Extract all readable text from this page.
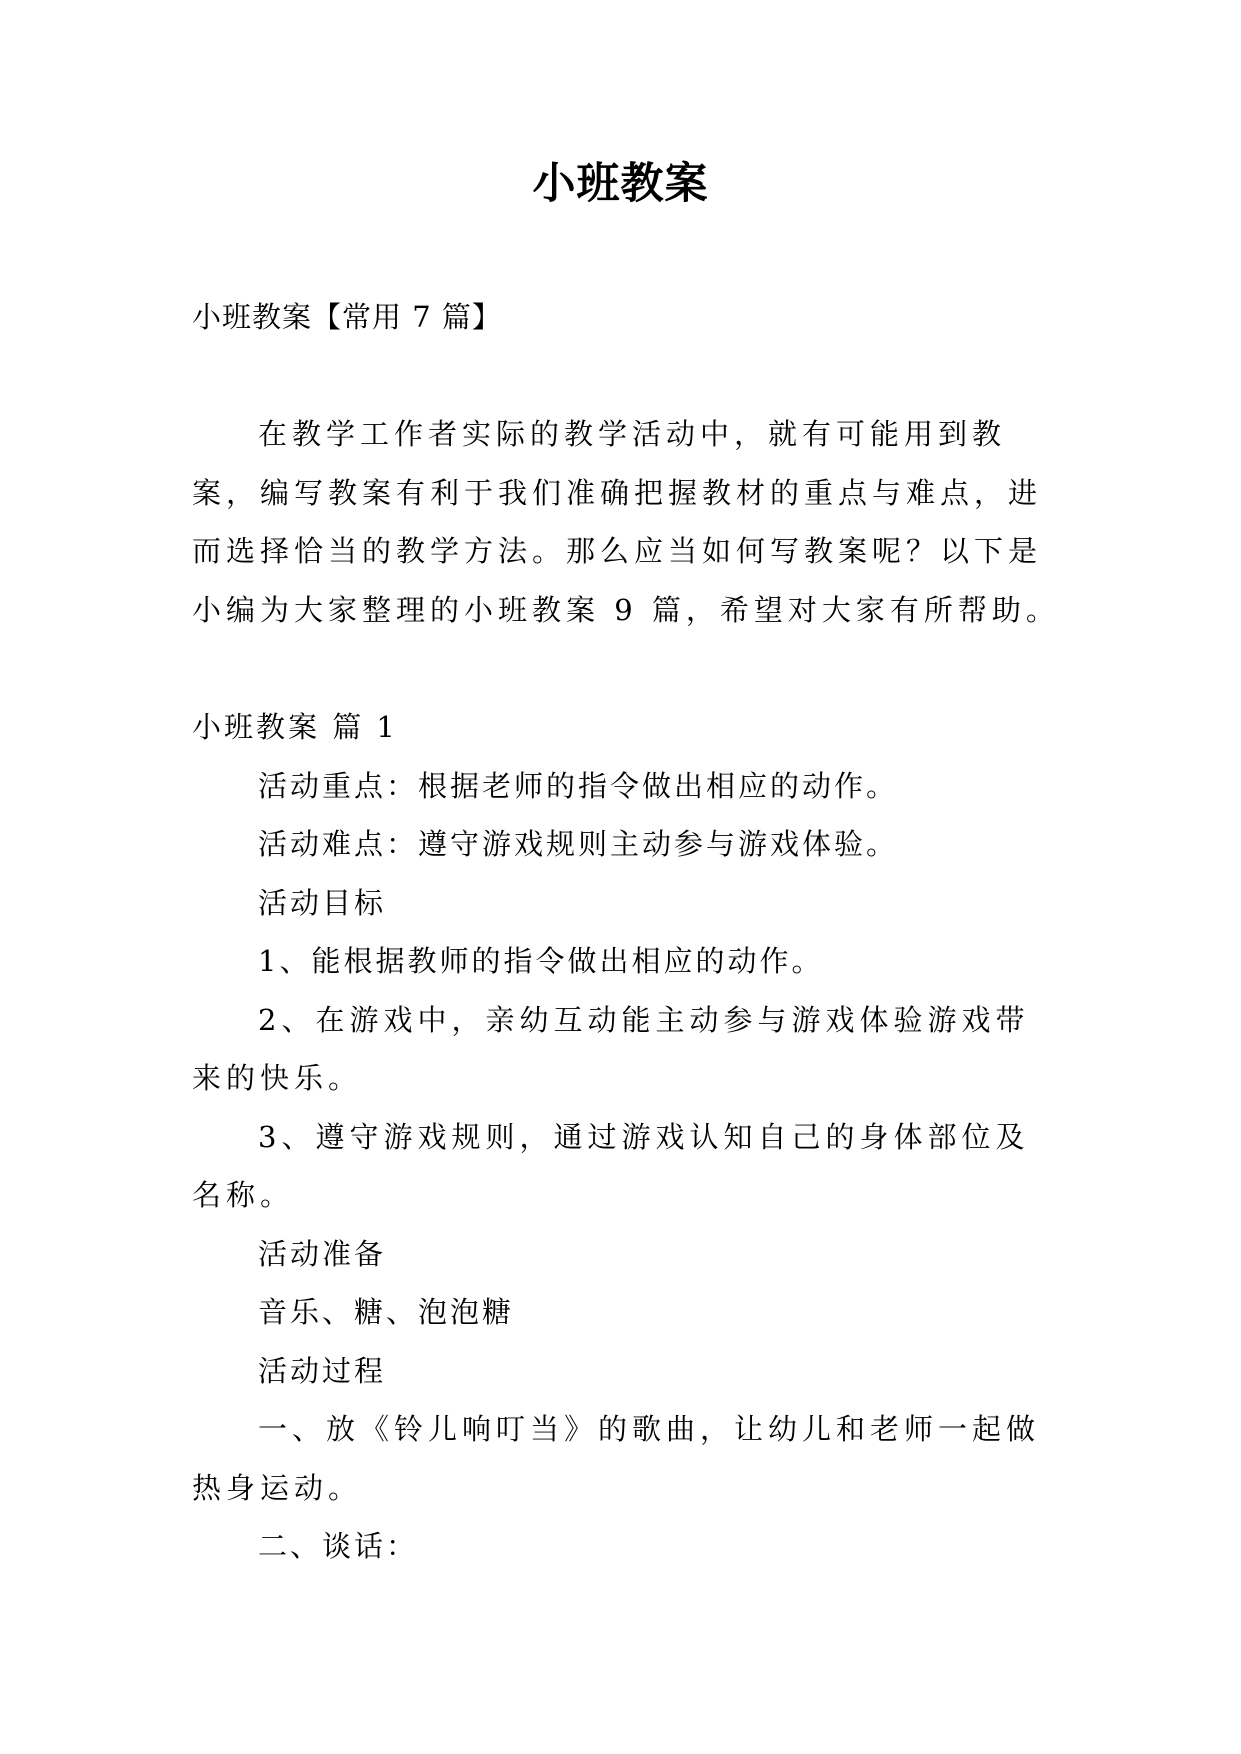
小班教案
小班教案【常用 7 篇】

在教学工作者实际的教学活动中，就有可能用到教案，编写教案有利于我们准确把握教材的重点与难点，进而选择恰当的教学方法。那么应当如何写教案呢？以下是小编为大家整理的小班教案 9 篇，希望对大家有所帮助。

小班教案 篇 1

活动重点：根据老师的指令做出相应的动作。

活动难点：遵守游戏规则主动参与游戏体验。

活动目标

1、能根据教师的指令做出相应的动作。

2、在游戏中，亲幼互动能主动参与游戏体验游戏带来的快乐。

3、遵守游戏规则，通过游戏认知自己的身体部位及名称。

活动准备

音乐、糖、泡泡糖

活动过程

一、放《铃儿响叮当》的歌曲，让幼儿和老师一起做热身运动。

二、谈话：
